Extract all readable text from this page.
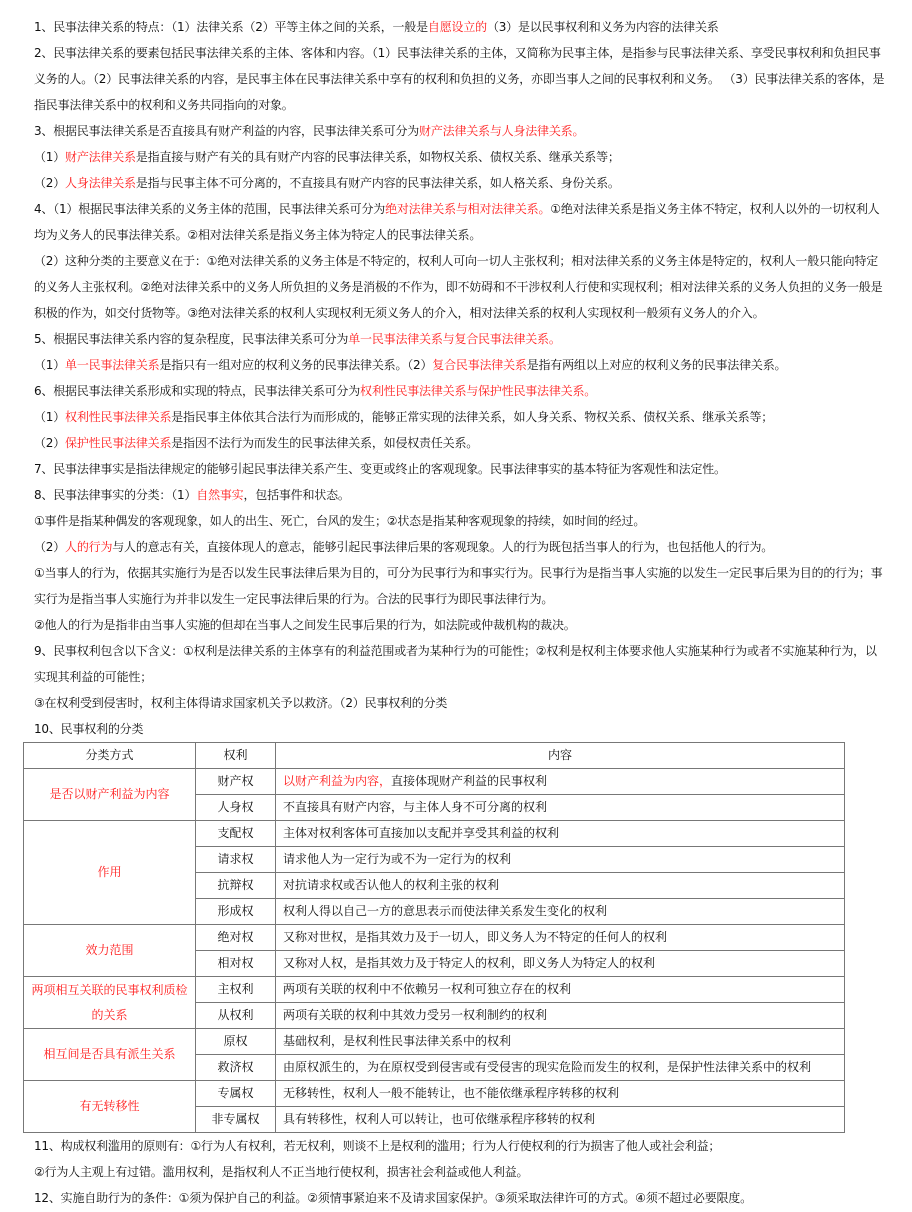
1、民事法律关系的特点：（1）法律关系（2）平等主体之间的关系，一般是自愿设立的（3）是以民事权利和义务为内容的法律关系

2、民事法律关系的要素包括民事法律关系的主体、客体和内容。（1）民事法律关系的主体，又简称为民事主体，是指参与民事法律关系、享受民事权利和负担民事义务的人。（2）民事法律关系的内容，是民事主体在民事法律关系中享有的权利和负担的义务，亦即当事人之间的民事权利和义务。 （3）民事法律关系的客体，是指民事法律关系中的权利和义务共同指向的对象。

3、根据民事法律关系是否直接具有财产利益的内容，民事法律关系可分为财产法律关系与人身法律关系。

（1）财产法律关系是指直接与财产有关的具有财产内容的民事法律关系，如物权关系、债权关系、继承关系等；

（2）人身法律关系是指与民事主体不可分离的，不直接具有财产内容的民事法律关系，如人格关系、身份关系。

4、（1）根据民事法律关系的义务主体的范围，民事法律关系可分为绝对法律关系与相对法律关系。①绝对法律关系是指义务主体不特定，权利人以外的一切权利人均为义务人的民事法律关系。②相对法律关系是指义务主体为特定人的民事法律关系。

（2）这种分类的主要意义在于：①绝对法律关系的义务主体是不特定的，权利人可向一切人主张权利；相对法律关系的义务主体是特定的，权利人一般只能向特定的义务人主张权利。②绝对法律关系中的义务人所负担的义务是消极的不作为，即不妨碍和不干涉权利人行使和实现权利；相对法律关系的义务人负担的义务一般是积极的作为，如交付货物等。③绝对法律关系的权利人实现权利无须义务人的介入，相对法律关系的权利人实现权利一般须有义务人的介入。

5、根据民事法律关系内容的复杂程度，民事法律关系可分为单一民事法律关系与复合民事法律关系。

（1）单一民事法律关系是指只有一组对应的权利义务的民事法律关系。（2）复合民事法律关系是指有两组以上对应的权利义务的民事法律关系。

6、根据民事法律关系形成和实现的特点，民事法律关系可分为权利性民事法律关系与保护性民事法律关系。

（1）权利性民事法律关系是指民事主体依其合法行为而形成的，能够正常实现的法律关系，如人身关系、物权关系、债权关系、继承关系等；

（2）保护性民事法律关系是指因不法行为而发生的民事法律关系，如侵权责任关系。

7、民事法律事实是指法律规定的能够引起民事法律关系产生、变更或终止的客观现象。民事法律事实的基本特征为客观性和法定性。

8、民事法律事实的分类：（1）自然事实，包括事件和状态。

①事件是指某种偶发的客观现象，如人的出生、死亡，台风的发生；②状态是指某种客观现象的持续，如时间的经过。

（2）人的行为与人的意志有关，直接体现人的意志，能够引起民事法律后果的客观现象。人的行为既包括当事人的行为，也包括他人的行为。

①当事人的行为，依据其实施行为是否以发生民事法律后果为目的，可分为民事行为和事实行为。民事行为是指当事人实施的以发生一定民事后果为目的的行为；事实行为是指当事人实施行为并非以发生一定民事法律后果的行为。合法的民事行为即民事法律行为。

②他人的行为是指非由当事人实施的但却在当事人之间发生民事后果的行为，如法院或仲裁机构的裁决。

9、民事权利包含以下含义：①权利是法律关系的主体享有的利益范围或者为某种行为的可能性；②权利是权利主体要求他人实施某种行为或者不实施某种行为，以实现其利益的可能性；

③在权利受到侵害时，权利主体得请求国家机关予以救济。（2）民事权利的分类

10、民事权利的分类

分类方式	权利	内容
是否以财产利益为内容	财产权	以财产利益为内容，直接体现财产利益的民事权利
	人身权	不直接具有财产内容，与主体人身不可分离的权利
作用	支配权	主体对权利客体可直接加以支配并享受其利益的权利
	请求权	请求他人为一定行为或不为一定行为的权利
	抗辩权	对抗请求权或否认他人的权利主张的权利
	形成权	权利人得以自己一方的意思表示而使法律关系发生变化的权利
效力范围	绝对权	又称对世权，是指其效力及于一切人，即义务人为不特定的任何人的权利
	相对权	又称对人权，是指其效力及于特定人的权利，即义务人为特定人的权利
两项相互关联的民事权利质检的关系	主权利	两项有关联的权利中不依赖另一权利可独立存在的权利
	从权利	两项有关联的权利中其效力受另一权利制约的权利
相互间是否具有派生关系	原权	基础权利，是权利性民事法律关系中的权利
	救济权	由原权派生的，为在原权受到侵害或有受侵害的现实危险而发生的权利，是保护性法律关系中的权利
有无转移性	专属权	无移转性，权利人一般不能转让，也不能依继承程序转移的权利
	非专属权	具有转移性，权利人可以转让，也可依继承程序移转的权利

11、构成权利滥用的原则有：①行为人有权利，若无权利，则谈不上是权利的滥用；行为人行使权利的行为损害了他人或社会利益；

②行为人主观上有过错。滥用权利，是指权利人不正当地行使权利，损害社会利益或他人利益。

12、实施自助行为的条件：①须为保护自己的利益。②须情事紧迫来不及请求国家保护。③须采取法律许可的方式。④须不超过必要限度。
